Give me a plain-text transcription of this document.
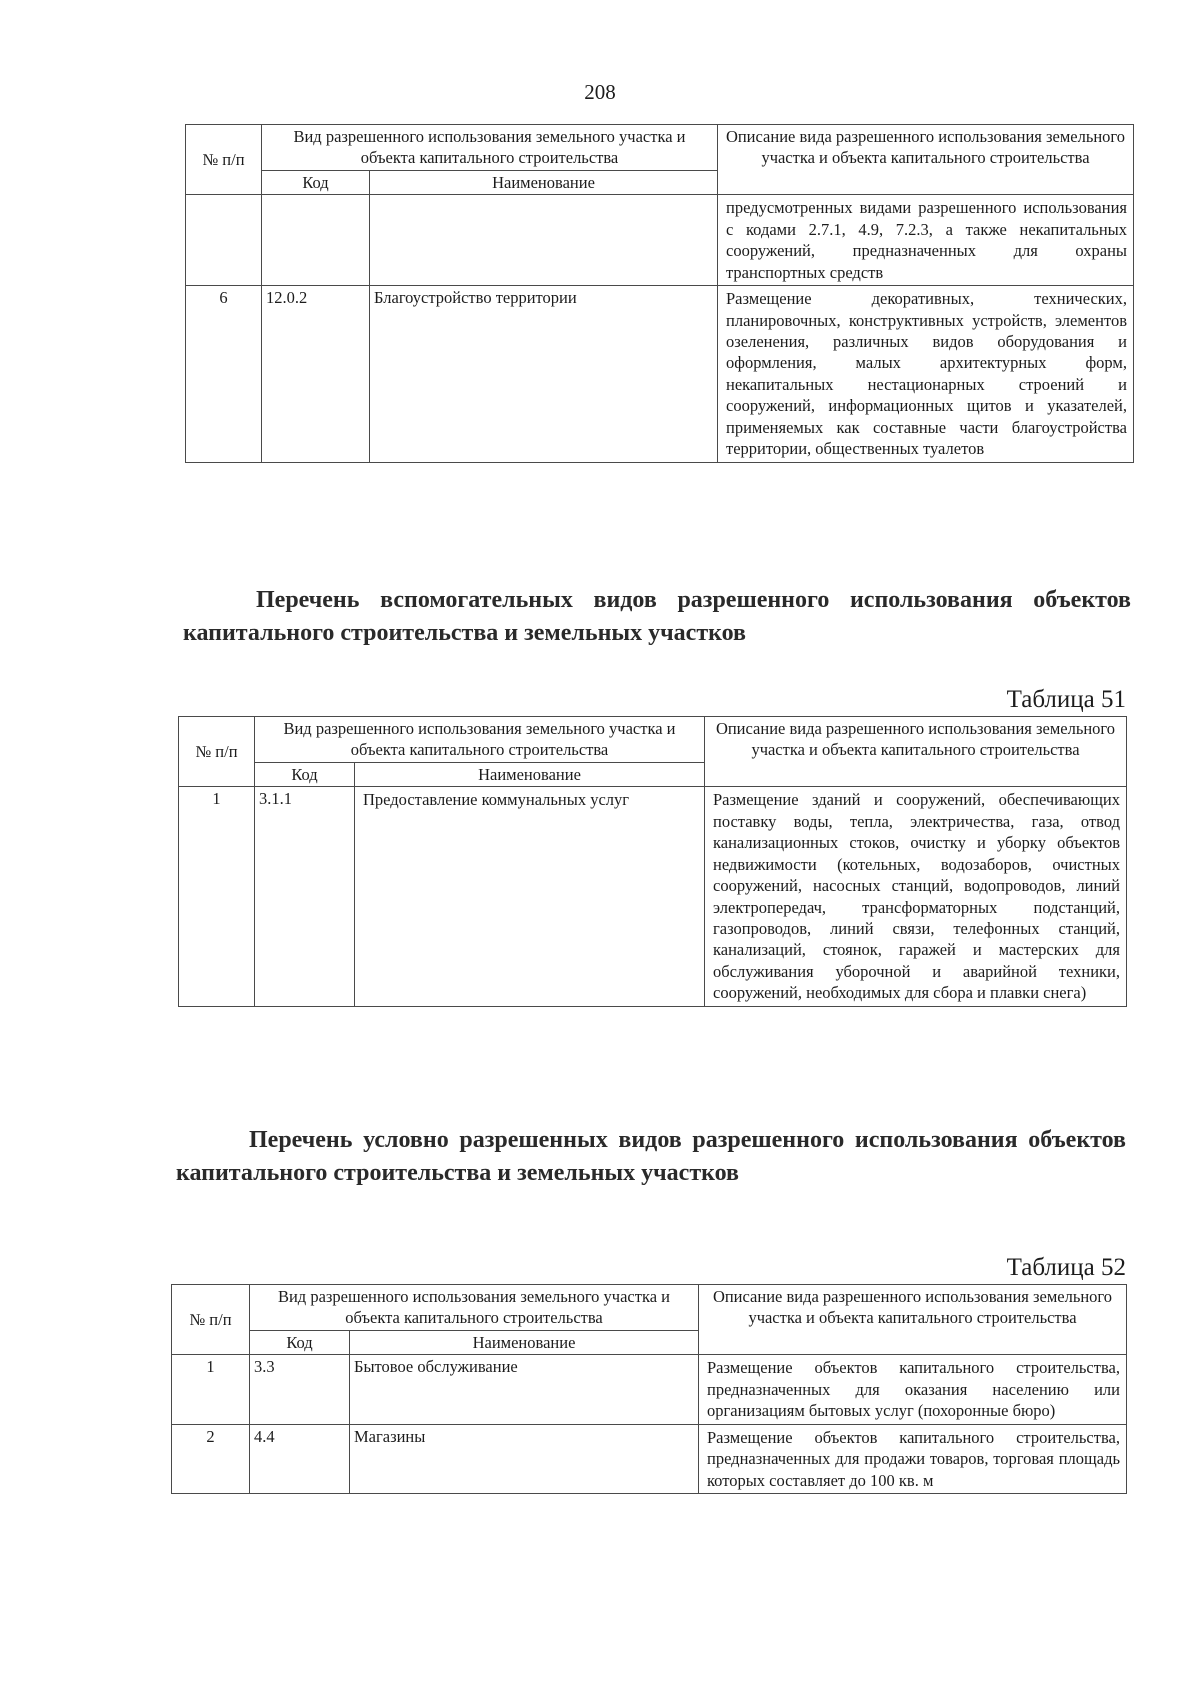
208
№ п/п	Вид разрешенного использования земельного участка и объекта капитального строительства		Описание вида разрешенного использования земельного участка и объекта капитального строительства
	Код	Наименование	
			предусмотренных видами разрешенного использования с кодами 2.7.1, 4.9, 7.2.3, а также некапитальных сооружений, предназначенных для охраны транспортных средств
6	12.0.2	Благоустройство территории	Размещение декоративных, технических, планировочных, конструктивных устройств, элементов озеленения, различных видов оборудования и оформления, малых архитектурных форм, некапитальных нестационарных строений и сооружений, информационных щитов и указателей, применяемых как составные части благоустройства территории, общественных туалетов
Перечень вспомогательных видов разрешенного использования объектов капитального строительства и земельных участков
Таблица 51
№ п/п	Вид разрешенного использования земельного участка и объекта капитального строительства		Описание вида разрешенного использования земельного участка и объекта капитального строительства
	Код	Наименование	
1	3.1.1	Предоставление коммунальных услуг	Размещение зданий и сооружений, обеспечивающих поставку воды, тепла, электричества, газа, отвод канализационных стоков, очистку и уборку объектов недвижимости (котельных, водозаборов, очистных сооружений, насосных станций, водопроводов, линий электропередач, трансформаторных подстанций, газопроводов, линий связи, телефонных станций, канализаций, стоянок, гаражей и мастерских для обслуживания уборочной и аварийной техники, сооружений, необходимых для сбора и плавки снега)
Перечень условно разрешенных видов разрешенного использования объектов капитального строительства и земельных участков
Таблица 52
№ п/п	Вид разрешенного использования земельного участка и объекта капитального строительства		Описание вида разрешенного использования земельного участка и объекта капитального строительства
	Код	Наименование	
1	3.3	Бытовое обслуживание	Размещение объектов капитального строительства, предназначенных для оказания населению или организациям бытовых услуг (похоронные бюро)
2	4.4	Магазины	Размещение объектов капитального строительства, предназначенных для продажи товаров, торговая площадь которых составляет до 100 кв. м
